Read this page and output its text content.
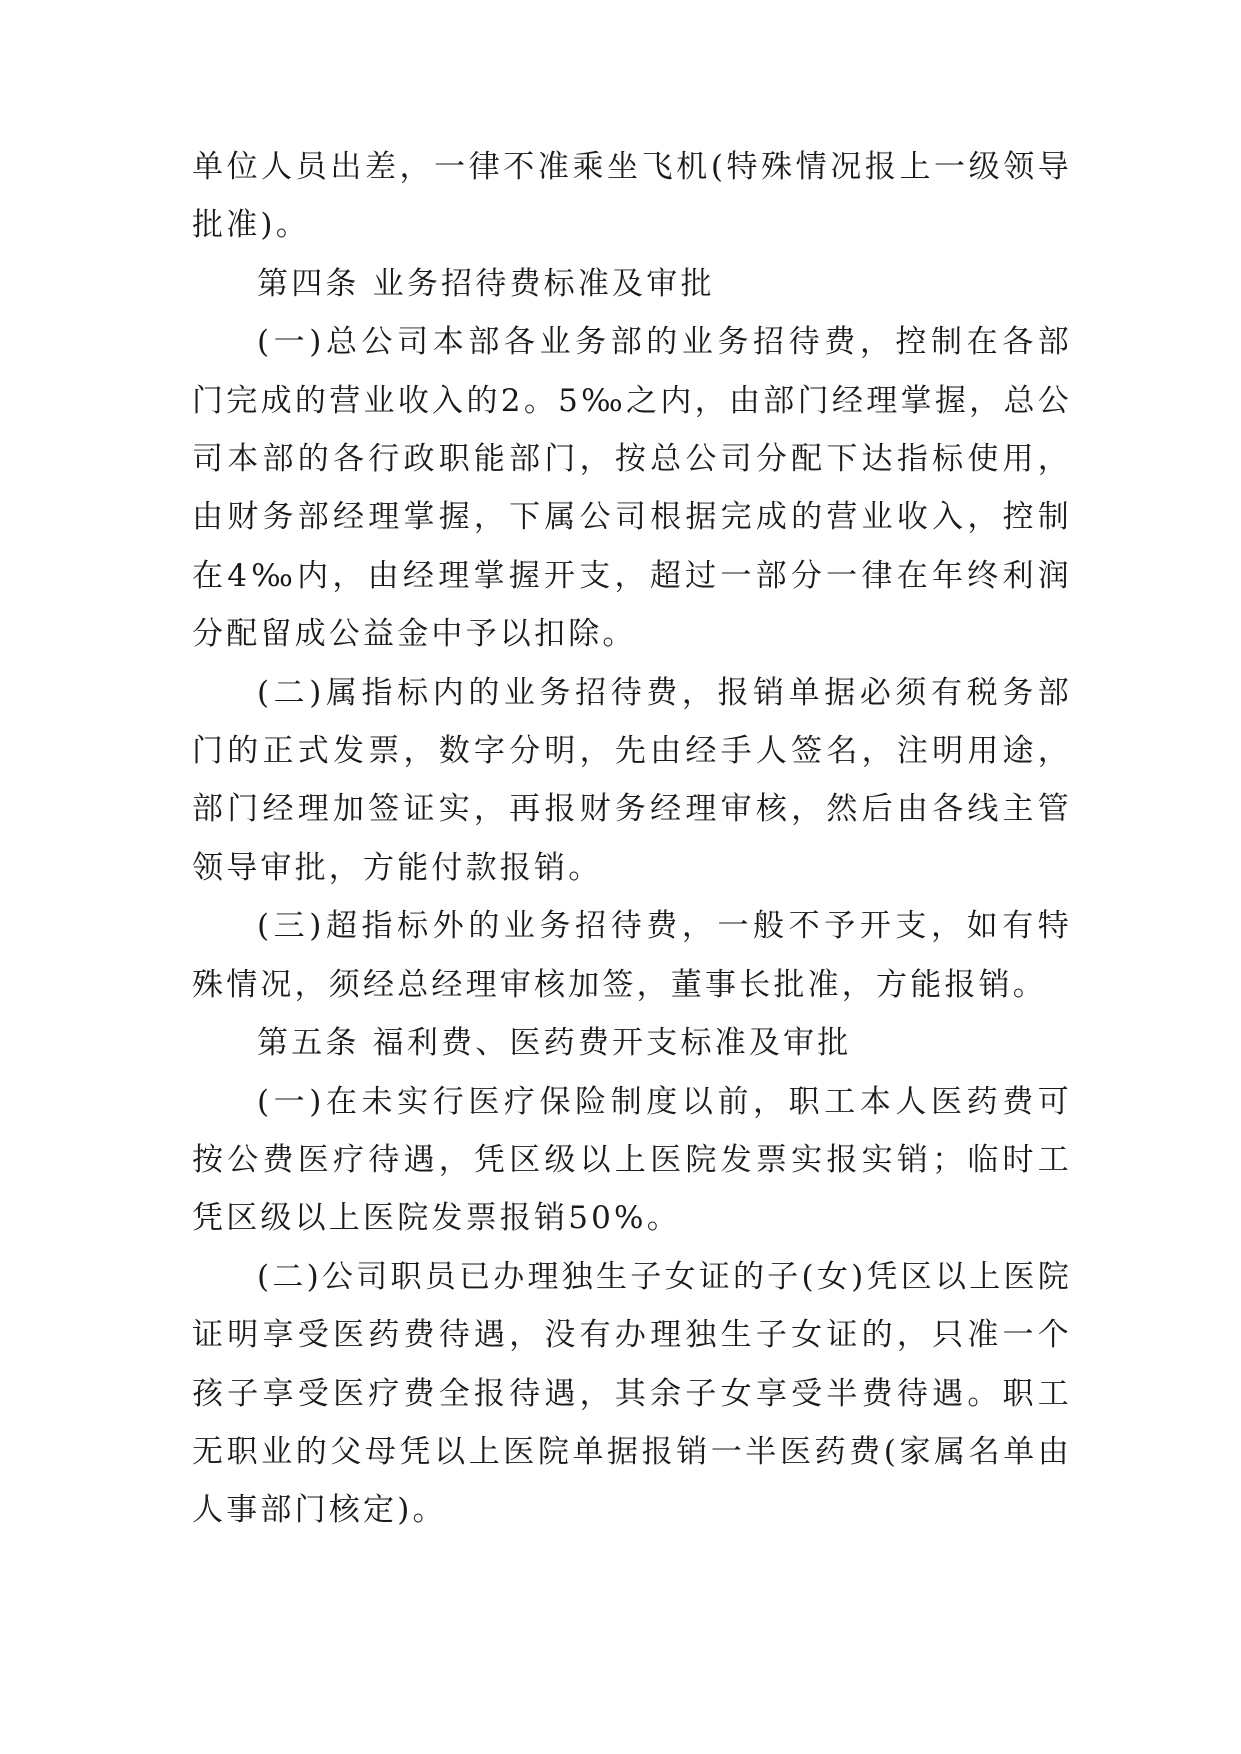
单位人员出差，一律不准乘坐飞机(特殊情况报上一级领导批准)。

第四条 业务招待费标准及审批

(一)总公司本部各业务部的业务招待费，控制在各部门完成的营业收入的2。5‰之内，由部门经理掌握，总公司本部的各行政职能部门，按总公司分配下达指标使用，由财务部经理掌握，下属公司根据完成的营业收入，控制在4‰内，由经理掌握开支，超过一部分一律在年终利润分配留成公益金中予以扣除。

(二)属指标内的业务招待费，报销单据必须有税务部门的正式发票，数字分明，先由经手人签名，注明用途，部门经理加签证实，再报财务经理审核，然后由各线主管领导审批，方能付款报销。

(三)超指标外的业务招待费，一般不予开支，如有特殊情况，须经总经理审核加签，董事长批准，方能报销。

第五条 福利费、医药费开支标准及审批

(一)在未实行医疗保险制度以前，职工本人医药费可按公费医疗待遇，凭区级以上医院发票实报实销；临时工凭区级以上医院发票报销50%。

(二)公司职员已办理独生子女证的子(女)凭区以上医院证明享受医药费待遇，没有办理独生子女证的，只准一个孩子享受医疗费全报待遇，其余子女享受半费待遇。职工无职业的父母凭以上医院单据报销一半医药费(家属名单由人事部门核定)。
